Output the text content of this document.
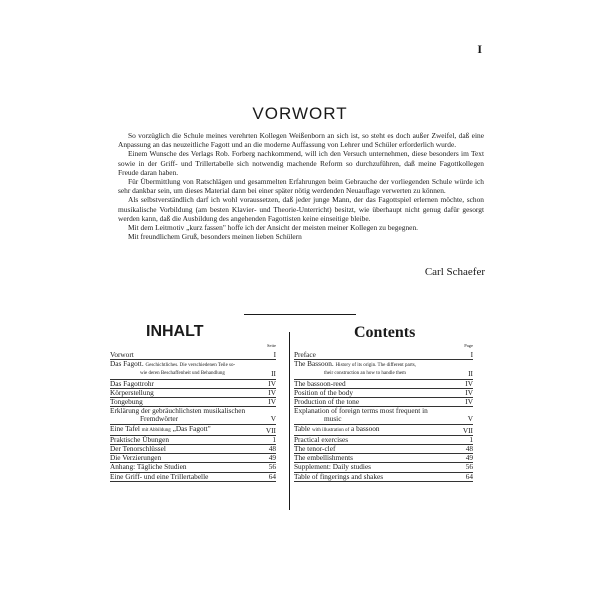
I
VORWORT

So vorzüglich die Schule meines verehrten Kollegen Weißenborn an sich ist, so steht es doch außer Zweifel, daß eine Anpassung an das neuzeitliche Fagott und an die moderne Auffassung von Lehrer und Schüler erforderlich wurde.

Einem Wunsche des Verlags Rob. Forberg nachkommend, will ich den Versuch unternehmen, diese besonders im Text sowie in der Griff- und Trillertabelle sich notwendig machende Reform so durchzuführen, daß meine Fagottkollegen Freude daran haben.

Für Übermittlung von Ratschlägen und gesammelten Erfahrungen beim Gebrauche der vorliegenden Schule würde ich sehr dankbar sein, um dieses Material dann bei einer später nötig werdenden Neuauflage verwerten zu können.

Als selbstverständlich darf ich wohl voraussetzen, daß jeder junge Mann, der das Fagottspiel erlernen möchte, schon musikalische Vorbildung (am besten Klavier- und Theorie-Unterricht) besitzt, wie überhaupt nicht genug dafür gesorgt werden kann, daß die Ausbildung des angehenden Fagottisten keine einseitige bleibe.

Mit dem Leitmotiv „kurz fassen" hoffe ich der Ansicht der meisten meiner Kollegen zu begegnen.

Mit freundlichem Gruß, besonders meinen lieben Schülern

Carl Schaefer
INHALT	Contents
Seite
Vorwort	I
Das Fagott. Geschichtliches. Die verschiedenen Teile so-
wie deren Beschaffenheit und Behandlung	II
Das Fagottrohr	IV
Körperstellung	IV
Tongebung	IV
Erklärung der gebräuchlichsten musikalischen
Fremdwörter	V
Eine Tafel mit Abbildung „Das Fagott"	VII
Praktische Übungen	1
Der Tenorschlüssel	48
Die Verzierungen	49
Anhang: Tägliche Studien	56
Eine Griff- und eine Trillertabelle	64
Page
Preface	I
The Bassoon. History of its origin. The different parts,
their construction an how to handle them	II
The bassoon-reed	IV
Position of the body	IV
Production of the tone	IV
Explanation of foreign terms most frequent in
music	V
Table with illustration of a bassoon	VII
Practical exercises	1
The tenor-clef	48
The embellishments	49
Supplement: Daily studies	56
Table of fingerings and shakes	64
